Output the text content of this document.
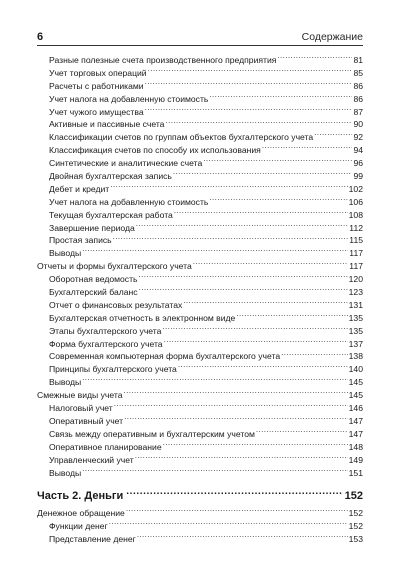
6	Содержание
Разные полезные счета производственного предприятия .....	81
Учет торговых операций .....	85
Расчеты с работниками .....	86
Учет налога на добавленную стоимость .....	86
Учет чужого имущества .....	87
Активные и пассивные счета .....	90
Классификации счетов по группам объектов бухгалтерского учета .....	92
Классификация счетов по способу их использования .....	94
Синтетические и аналитические счета .....	96
Двойная бухгалтерская запись .....	99
Дебет и кредит .....	102
Учет налога на добавленную стоимость .....	106
Текущая бухгалтерская работа .....	108
Завершение периода .....	112
Простая запись .....	115
Выводы .....	117
Отчеты и формы бухгалтерского учета .....	117
Оборотная ведомость .....	120
Бухгалтерский баланс .....	123
Отчет о финансовых результатах .....	131
Бухгалтерская отчетность в электронном виде .....	135
Этапы бухгалтерского учета .....	135
Форма бухгалтерского учета .....	137
Современная компьютерная форма бухгалтерского учета .....	138
Принципы бухгалтерского учета .....	140
Выводы .....	145
Смежные виды учета .....	145
Налоговый учет .....	146
Оперативный учет .....	147
Связь между оперативным и бухгалтерским учетом .....	147
Оперативное планирование .....	148
Управленческий учет .....	149
Выводы .....	151
Часть 2. Деньги .....	152
Денежное обращение .....	152
Функции денег .....	152
Представление денег .....	153
